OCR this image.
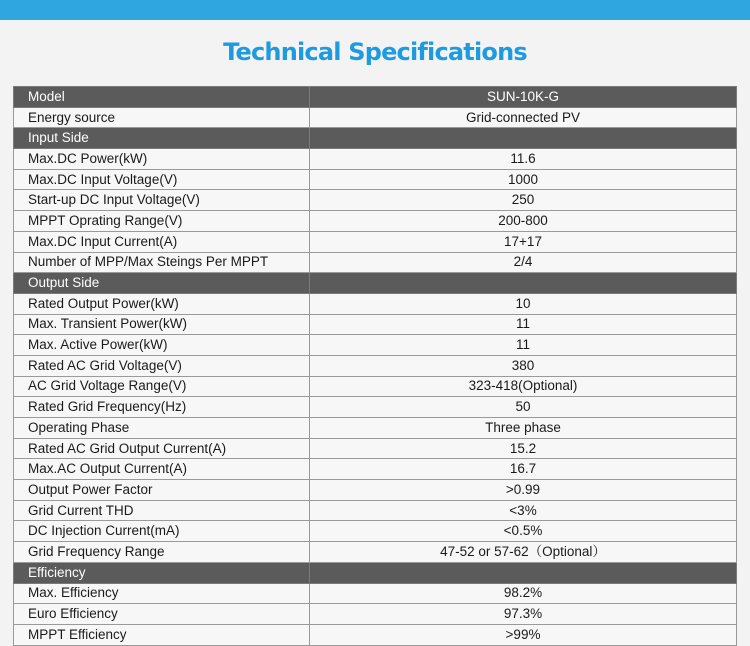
Technical Specifications
Model	SUN-10K-G
Energy source	Grid-connected PV
Input Side	
Max.DC Power(kW)	11.6
Max.DC Input Voltage(V)	1000
Start-up DC Input Voltage(V)	250
MPPT Oprating Range(V)	200-800
Max.DC Input Current(A)	17+17
Number of MPP/Max Steings Per MPPT	2/4
Output Side	
Rated Output Power(kW)	10
Max. Transient Power(kW)	11
Max. Active Power(kW)	11
Rated AC Grid Voltage(V)	380
AC Grid Voltage Range(V)	323-418(Optional)
Rated Grid Frequency(Hz)	50
Operating Phase	Three phase
Rated AC Grid Output Current(A)	15.2
Max.AC Output Current(A)	16.7
Output Power Factor	>0.99
Grid Current THD	<3%
DC Injection Current(mA)	<0.5%
Grid Frequency Range	47-52 or 57-62（Optional）
Efficiency	
Max. Efficiency	98.2%
Euro Efficiency	97.3%
MPPT Efficiency	>99%
